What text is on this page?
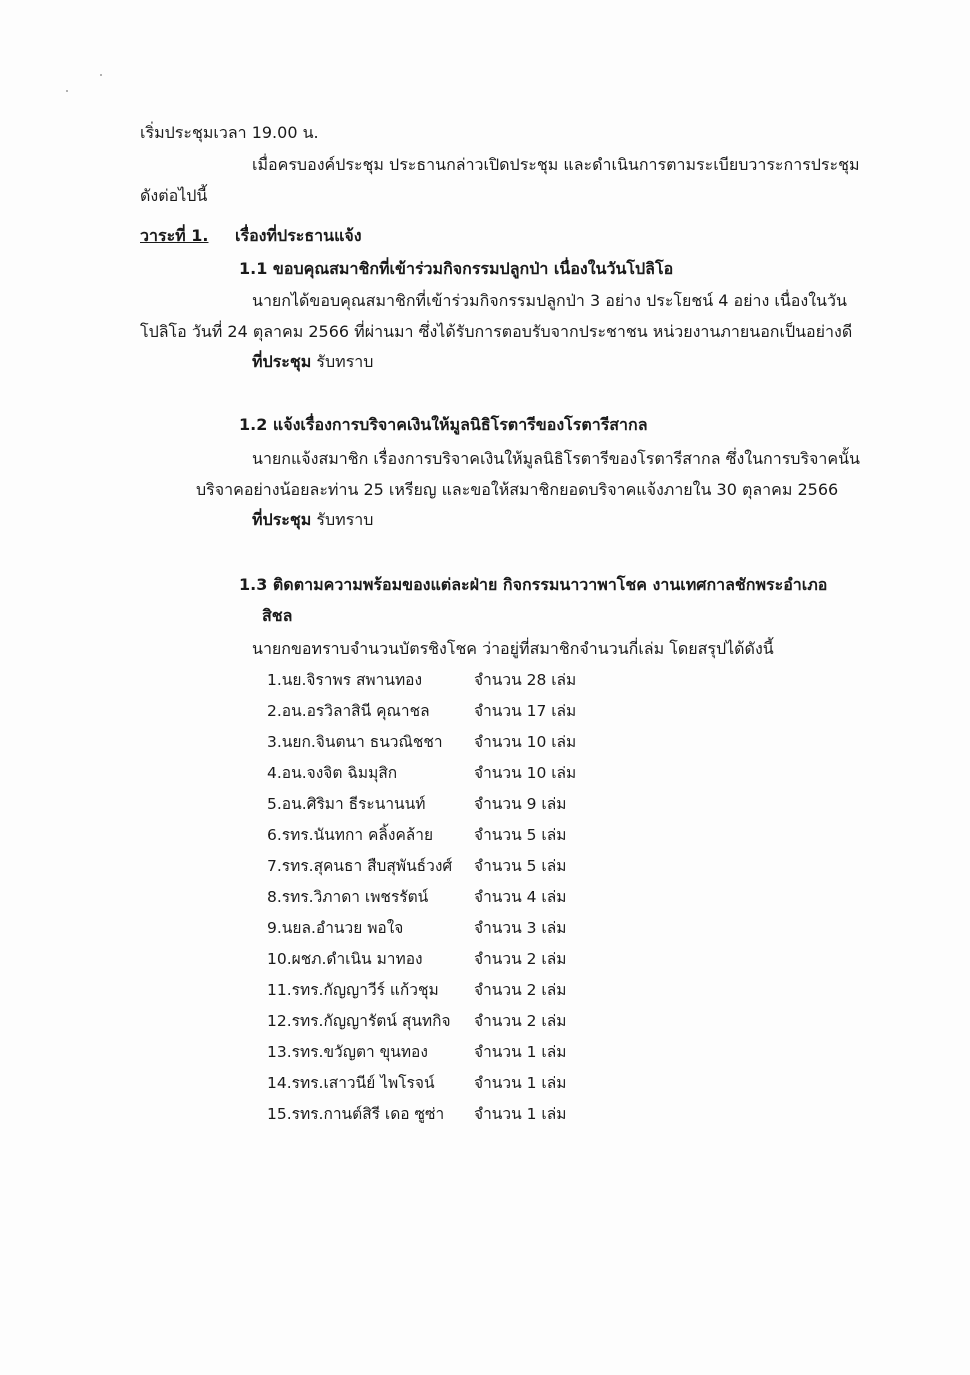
เริ่มประชุมเวลา 19.00 น.
เมื่อครบองค์ประชุม ประธานกล่าวเปิดประชุม และดำเนินการตามระเบียบวาระการประชุม
ดังต่อไปนี้
วาระที่ 1. เรื่องที่ประธานแจ้ง
1.1 ขอบคุณสมาชิกที่เข้าร่วมกิจกรรมปลูกป่า เนื่องในวันโปลิโอ
นายกได้ขอบคุณสมาชิกที่เข้าร่วมกิจกรรมปลูกป่า 3 อย่าง ประโยชน์ 4 อย่าง เนื่องในวัน
โปลิโอ วันที่ 24 ตุลาคม 2566 ที่ผ่านมา ซึ่งได้รับการตอบรับจากประชาชน หน่วยงานภายนอกเป็นอย่างดี
ที่ประชุม รับทราบ
1.2 แจ้งเรื่องการบริจาคเงินให้มูลนิธิโรตารีของโรตารีสากล
นายกแจ้งสมาชิก เรื่องการบริจาคเงินให้มูลนิธิโรตารีของโรตารีสากล ซึ่งในการบริจาคนั้น
บริจาคอย่างน้อยละท่าน 25 เหรียญ และขอให้สมาชิกยอดบริจาคแจ้งภายใน 30 ตุลาคม 2566
ที่ประชุม รับทราบ
1.3 ติดตามความพร้อมของแต่ละฝ่าย กิจกรรมนาวาพาโชค งานเทศกาลชักพระอำเภอ
สิชล
นายกขอทราบจำนวนบัตรชิงโชค ว่าอยู่ที่สมาชิกจำนวนกี่เล่ม โดยสรุปได้ดังนี้
1.นย.จิราพร สพานทอง	จำนวน 28 เล่ม
2.อน.อรวิลาสินี คุณาชล	จำนวน 17 เล่ม
3.นยก.จินตนา ธนวณิชชา จำนวน 10 เล่ม
4.อน.จงจิต ฉิมมุสิก	จำนวน 10 เล่ม
5.อน.ศิริมา ธีระนานนท์	จำนวน 9 เล่ม
6.รทร.นันทกา คลิ้งคล้าย	จำนวน 5 เล่ม
7.รทร.สุคนธา สืบสุพันธ์วงศ์ จำนวน 5 เล่ม
8.รทร.วิภาดา เพชรรัตน์	จำนวน 4 เล่ม
9.นยล.อำนวย พอใจ	จำนวน 3 เล่ม
10.ผชภ.ดำเนิน มาทอง	จำนวน 2 เล่ม
11.รทร.กัญญาวีร์ แก้วชุม จำนวน 2 เล่ม
12.รทร.กัญญารัตน์ สุนทกิจ จำนวน 2 เล่ม
13.รทร.ขวัญตา ขุนทอง	จำนวน 1 เล่ม
14.รทร.เสาวนีย์ ไพโรจน์	จำนวน 1 เล่ม
15.รทร.กานต์สิรี เดอ ซูซ่า จำนวน 1 เล่ม
